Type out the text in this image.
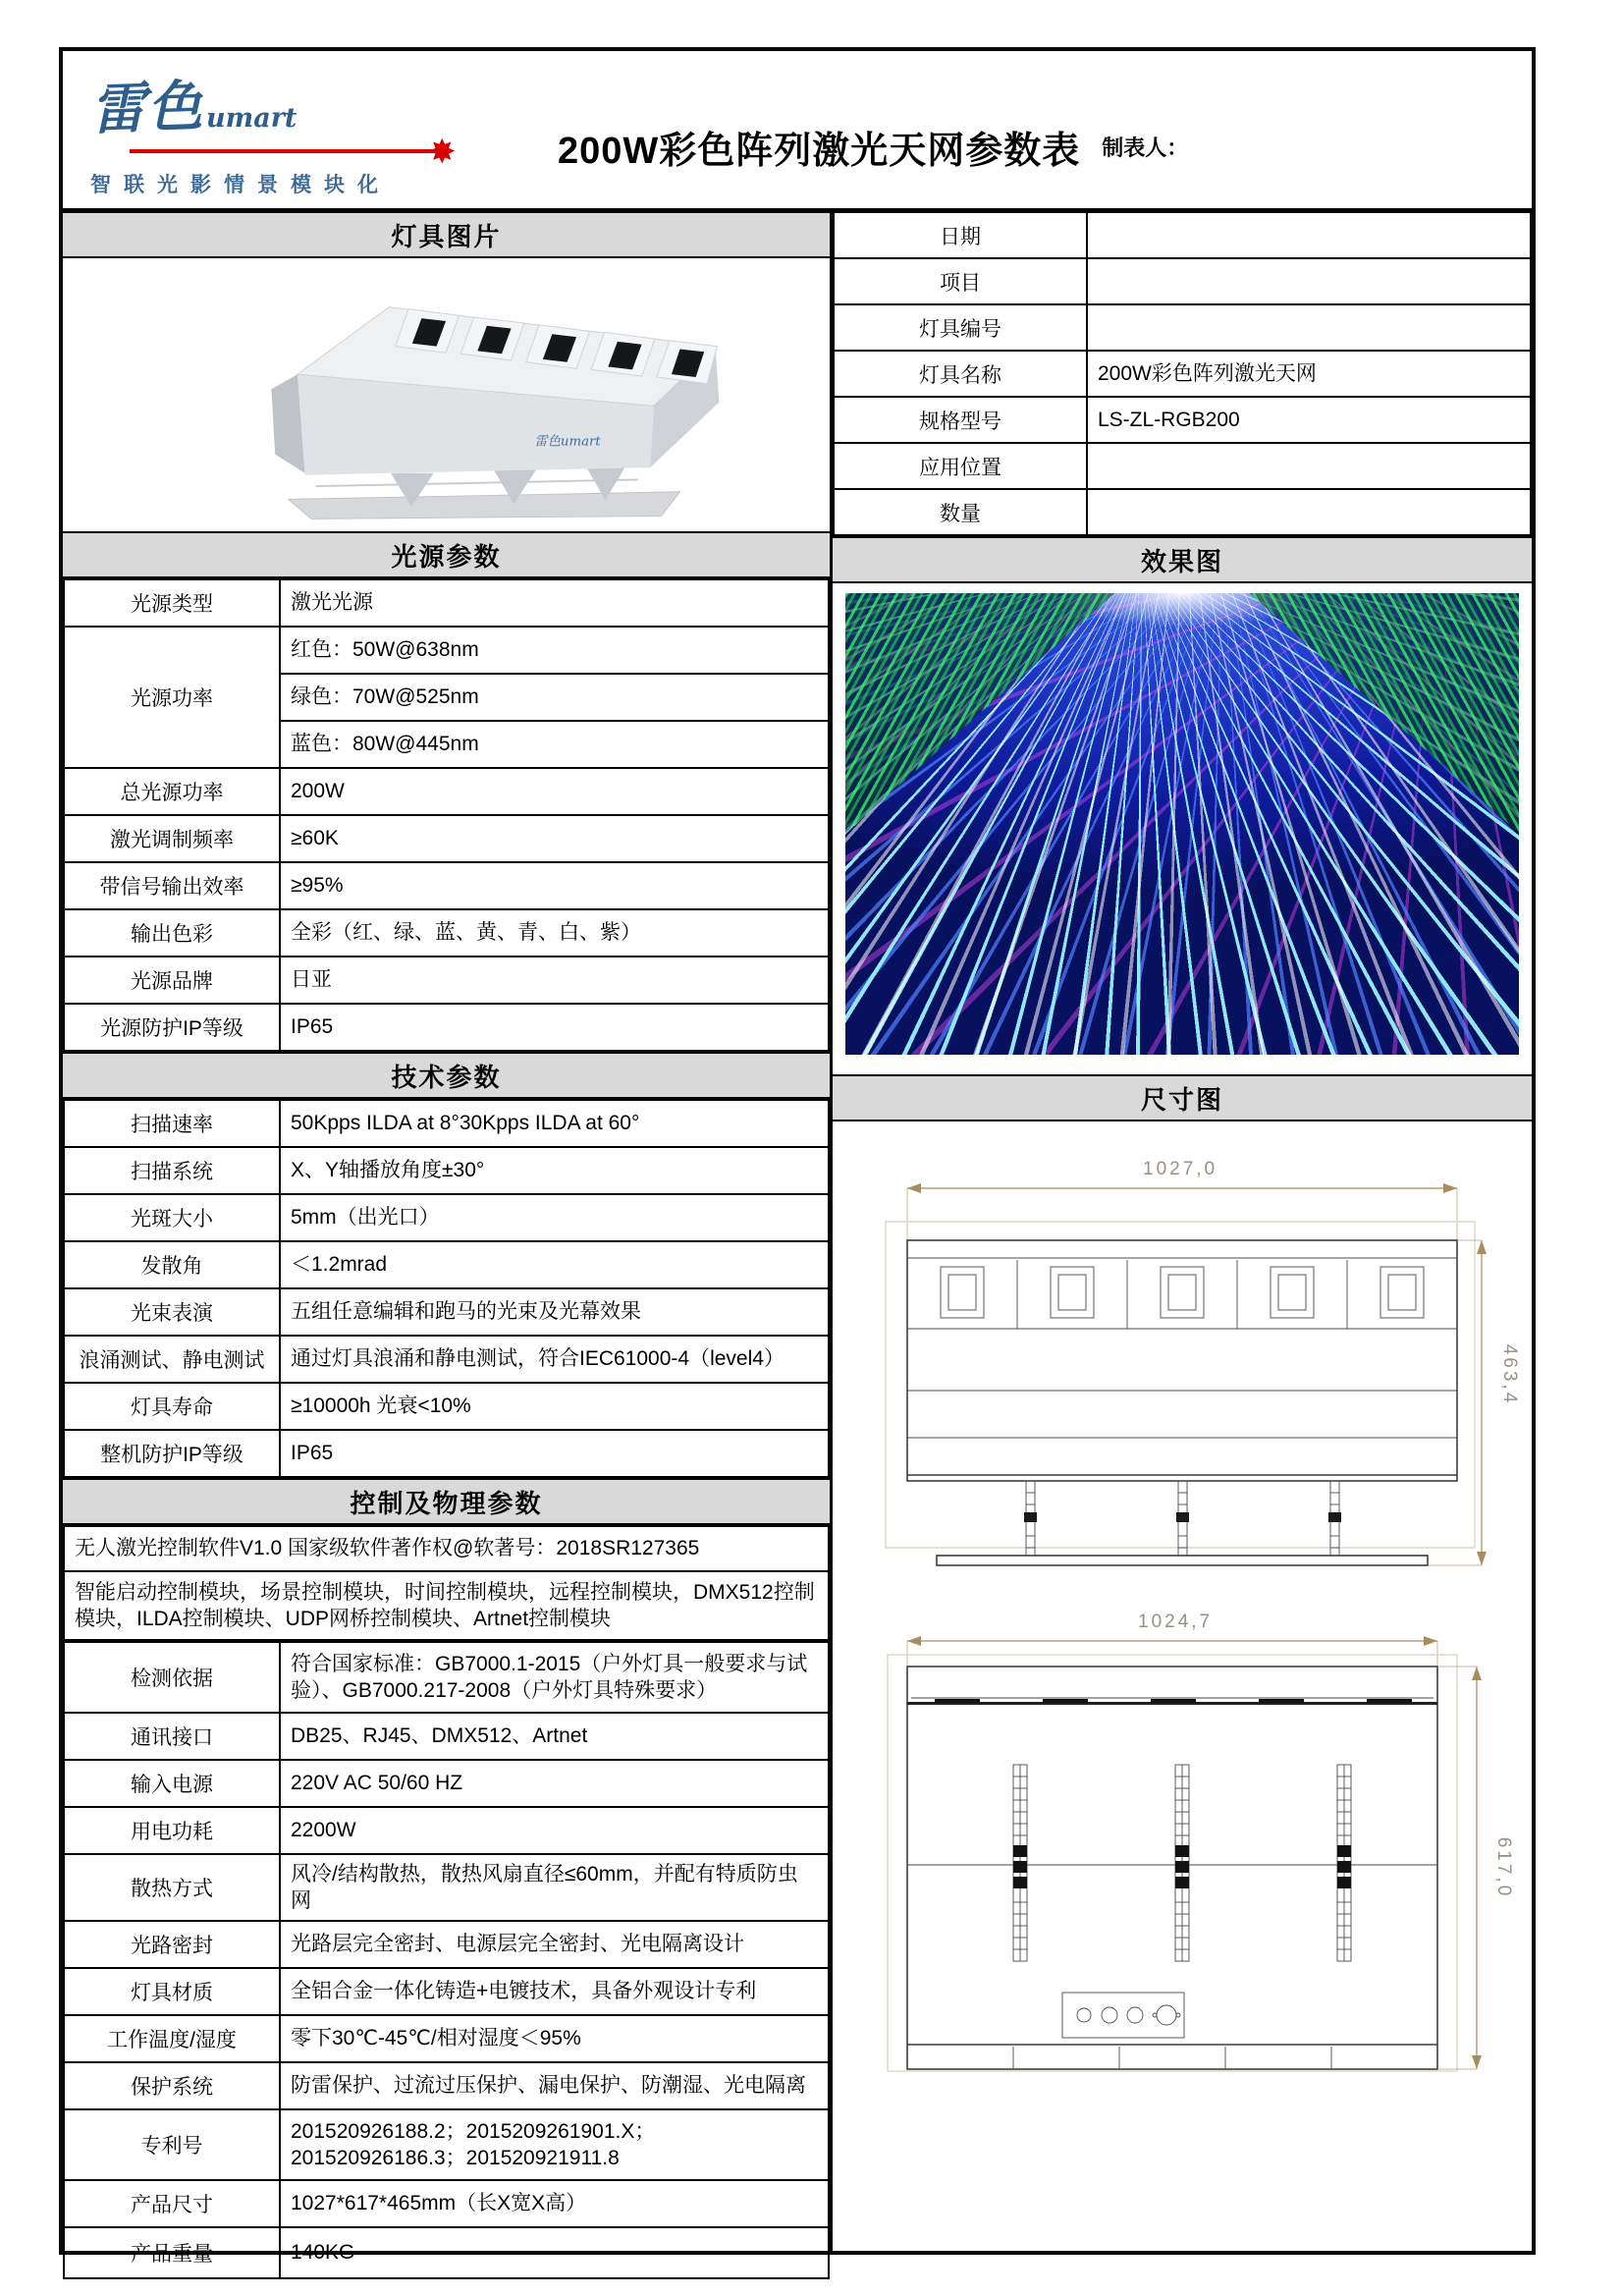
雷色umart
✸
智联光影情景模块化
200W彩色阵列激光天网参数表 制表人：
灯具图片
雷色umart
光源参数
光源类型	激光光源
光源功率	红色：50W@638nm
	绿色：70W@525nm
	蓝色：80W@445nm
总光源功率	200W
激光调制频率	≥60K
带信号输出效率	≥95%
输出色彩	全彩（红、绿、蓝、黄、青、白、紫）
光源品牌	日亚
光源防护IP等级	IP65
技术参数
扫描速率	50Kpps ILDA at 8°30Kpps ILDA at 60°
扫描系统	X、Y轴播放角度±30°
光斑大小	5mm（出光口）
发散角	＜1.2mrad
光束表演	五组任意编辑和跑马的光束及光幕效果
浪涌测试、静电测试	通过灯具浪涌和静电测试，符合IEC61000-4（level4）
灯具寿命	≥10000h 光衰<10%
整机防护IP等级	IP65
控制及物理参数
无人激光控制软件V1.0 国家级软件著作权@软著号：2018SR127365
智能启动控制模块，场景控制模块，时间控制模块，远程控制模块，DMX512控制模块，ILDA控制模块、UDP网桥控制模块、Artnet控制模块
检测依据	符合国家标准：GB7000.1-2015（户外灯具一般要求与试验）、GB7000.217-2008（户外灯具特殊要求）
通讯接口	DB25、RJ45、DMX512、Artnet
输入电源	220V AC 50/60 HZ
用电功耗	2200W
散热方式	风冷/结构散热，散热风扇直径≤60mm，并配有特质防虫网
光路密封	光路层完全密封、电源层完全密封、光电隔离设计
灯具材质	全铝合金一体化铸造+电镀技术，具备外观设计专利
工作温度/湿度	零下30℃-45℃/相对湿度＜95%
保护系统	防雷保护、过流过压保护、漏电保护、防潮湿、光电隔离
专利号	201520926188.2；2015209261901.X； 201520926186.3；201520921911.8
产品尺寸	1027*617*465mm（长X宽X高）
产品重量	140KG
日期	
项目	
灯具编号	
灯具名称	200W彩色阵列激光天网
规格型号	LS-ZL-RGB200
应用位置	
数量	
效果图
尺寸图
1027,0
463,4
1024,7
617,0
